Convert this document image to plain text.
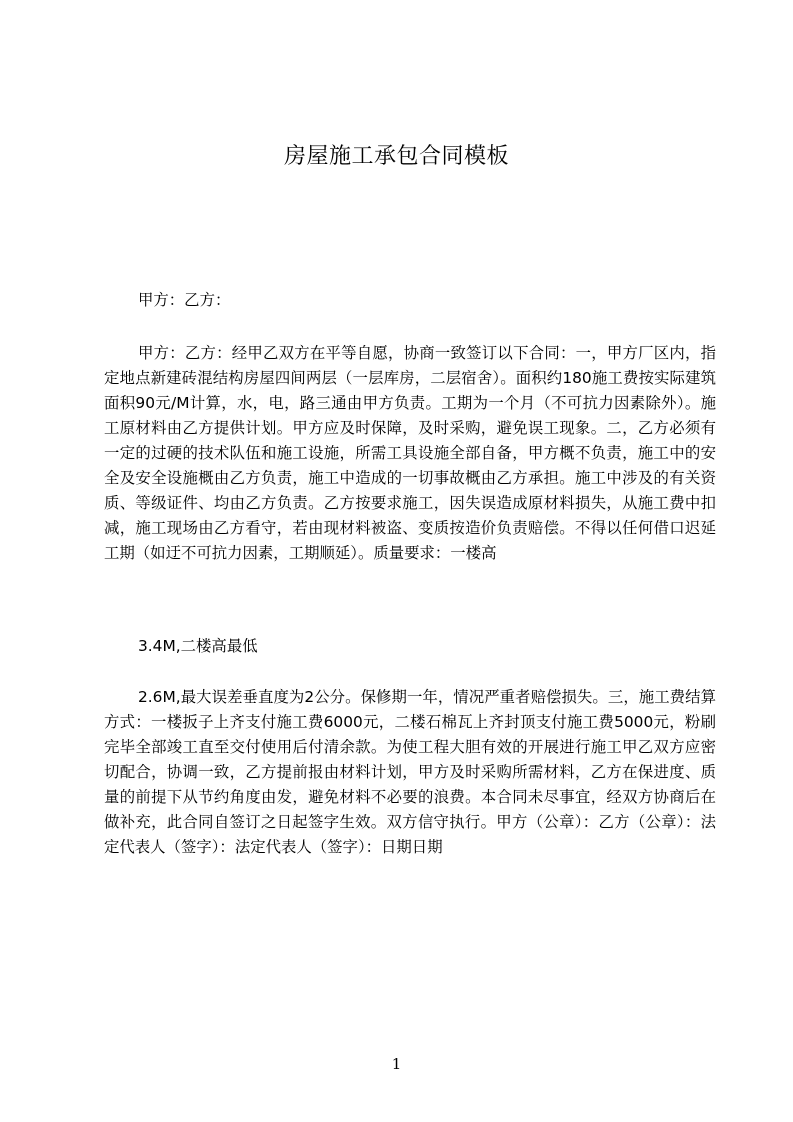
房屋施工承包合同模板

甲方：乙方：

甲方：乙方：经甲乙双方在平等自愿，协商一致签订以下合同：一，甲方厂区内，指定地点新建砖混结构房屋四间两层（一层库房，二层宿舍）。面积约180施工费按实际建筑面积90元/M计算，水，电，路三通由甲方负责。工期为一个月（不可抗力因素除外）。施工原材料由乙方提供计划。甲方应及时保障，及时采购，避免误工现象。二，乙方必须有一定的过硬的技术队伍和施工设施，所需工具设施全部自备，甲方概不负责，施工中的安全及安全设施概由乙方负责，施工中造成的一切事故概由乙方承担。施工中涉及的有关资质、等级证件、均由乙方负责。乙方按要求施工，因失误造成原材料损失，从施工费中扣减，施工现场由乙方看守，若由现材料被盗、变质按造价负责赔偿。不得以任何借口迟延工期（如迂不可抗力因素，工期顺延）。质量要求：一楼高

3.4M,二楼高最低

2.6M,最大误差垂直度为2公分。保修期一年，情况严重者赔偿损失。三，施工费结算方式：一楼扳子上齐支付施工费6000元，二楼石棉瓦上齐封顶支付施工费5000元，粉刷完毕全部竣工直至交付使用后付清余款。为使工程大胆有效的开展进行施工甲乙双方应密切配合，协调一致，乙方提前报由材料计划，甲方及时采购所需材料，乙方在保进度、质量的前提下从节约角度由发，避免材料不必要的浪费。本合同未尽事宜，经双方协商后在做补充，此合同自签订之日起签字生效。双方信守执行。甲方（公章）：乙方（公章）：法定代表人（签字）：法定代表人（签字）：日期日期

1
